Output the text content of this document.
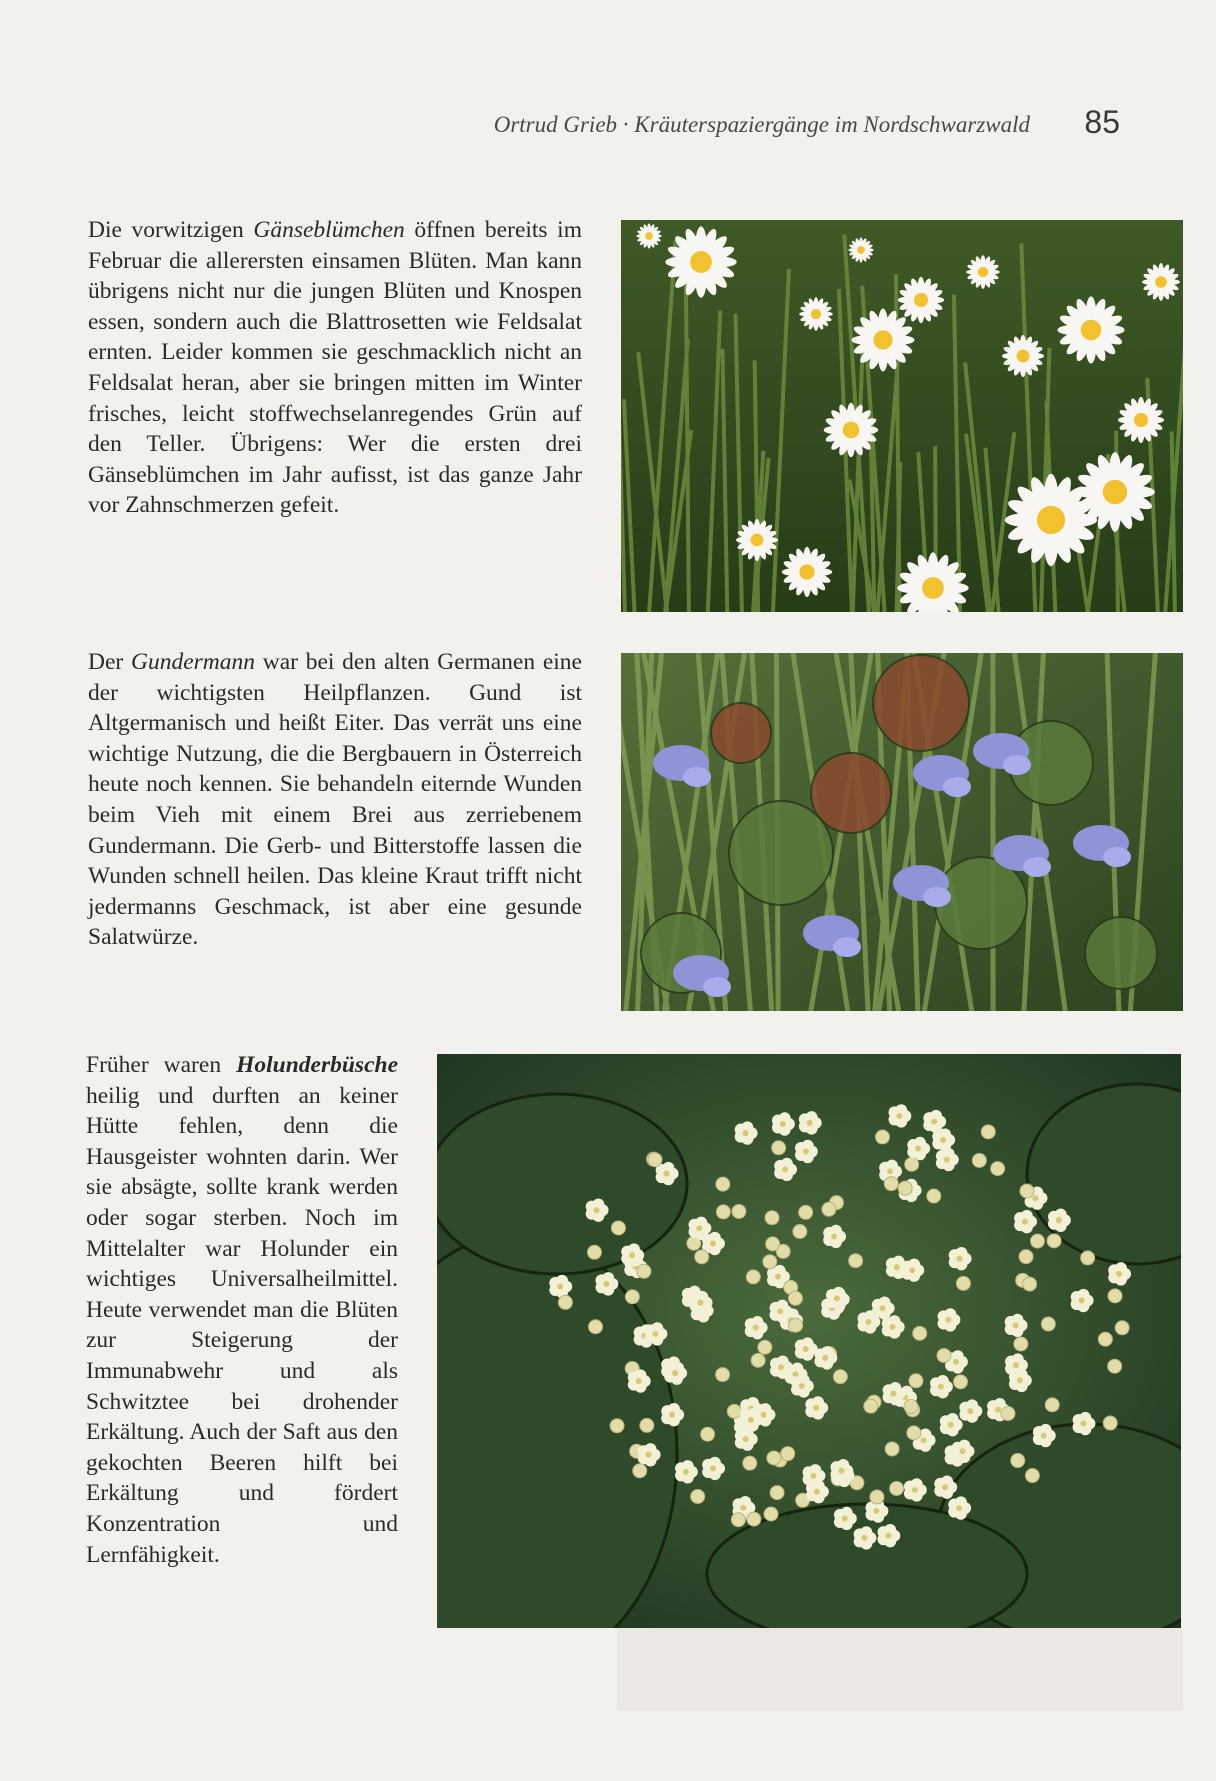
Ortrud Grieb · Kräuterspaziergänge im Nordschwarzwald 85

Die vorwitzigen Gänseblümchen öffnen bereits im Februar die allerersten einsamen Blüten. Man kann übrigens nicht nur die jungen Blüten und Knospen essen, sondern auch die Blattrosetten wie Feldsalat ernten. Leider kommen sie geschmacklich nicht an Feldsalat heran, aber sie bringen mitten im Winter frisches, leicht stoffwechselanregendes Grün auf den Teller. Übrigens: Wer die ersten drei Gänseblümchen im Jahr aufisst, ist das ganze Jahr vor Zahnschmerzen gefeit.

Der Gundermann war bei den alten Germanen eine der wichtigsten Heilpflanzen. Gund ist Altgermanisch und heißt Eiter. Das verrät uns eine wichtige Nutzung, die die Bergbauern in Österreich heute noch kennen. Sie behandeln eiternde Wunden beim Vieh mit einem Brei aus zerriebenem Gundermann. Die Gerb- und Bitterstoffe lassen die Wunden schnell heilen. Das kleine Kraut trifft nicht jedermanns Geschmack, ist aber eine gesunde Salatwürze.

Früher waren Holunderbüsche heilig und durften an keiner Hütte fehlen, denn die Hausgeister wohnten darin. Wer sie absägte, sollte krank werden oder sogar sterben. Noch im Mittelalter war Holunder ein wichtiges Universalheilmittel. Heute verwendet man die Blüten zur Steigerung der Immunabwehr und als Schwitztee bei drohender Erkältung. Auch der Saft aus den gekochten Beeren hilft bei Erkältung und fördert Konzentration und Lernfähigkeit.
